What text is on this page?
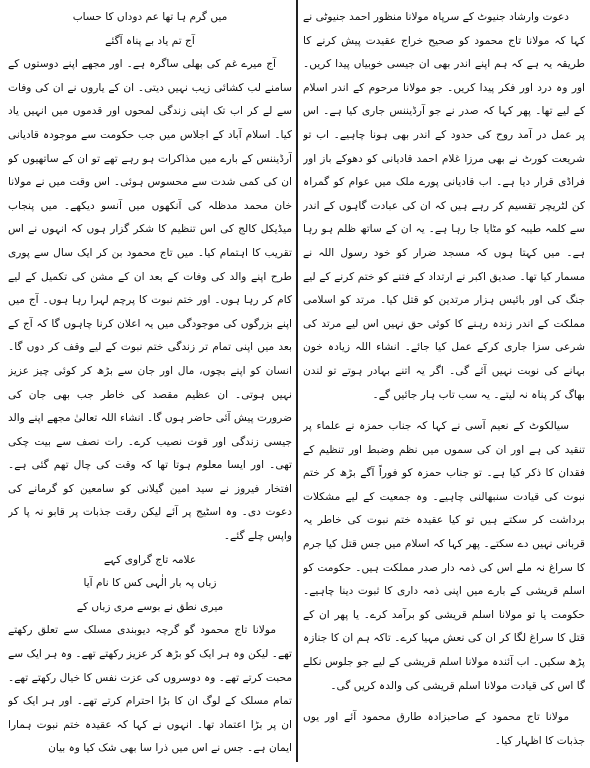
دعوت وارشاد جنیوٹ کے سرپاہ مولانا منظور احمد جنیوٹی نے کہا کہ مولانا تاج محمود کو صحیح خراج عقیدت پیش کرنے کا طریقہ یہ ہے کہ ہم اپنے اندر بھی ان جیسی خوبیاں پیدا کریں۔ اور وہ درد اور فکر پیدا کریں۔ جو مولانا مرحوم کے اندر اسلام کے لیے تھا۔ پھر کہا کہ صدر نے جو آرڈیننس جاری کیا ہے۔ اس پر عمل در آمد روح کی حدود کے اندر بھی ہونا چاہیے۔ اب تو شریعت کورٹ نے بھی مرزا غلام احمد قادیانی کو دھوکے باز اور فراڈی قرار دیا ہے۔ اب قادیانی پورے ملک میں عوام کو گمراہ کن لٹریچر تقسیم کر رہے ہیں کہ ان کی عبادت گاہوں کے اندر سے کلمہ طیبہ کو مٹایا جا رہا ہے۔ یہ ان کے ساتھ ظلم ہو رہا ہے۔ میں کہتا ہوں کہ مسجد ضرار کو خود رسول اللہ نے مسمار کیا تھا۔ صدیق اکبر نے ارتداد کے فتنے کو ختم کرنے کے لیے جنگ کی اور بائیس ہزار مرتدین کو قتل کیا۔ مرتد کو اسلامی مملکت کے اندر زندہ رہنے کا کوئی حق نہیں اس لیے مرتد کی شرعی سزا جاری کرکے عمل کیا جائے۔ انشاء اللہ زیادہ خون بہانے کی نوبت نہیں آئے گی۔ اگر یہ اتنے بہادر ہوتے تو لندن بھاگ کر پناہ نہ لیتے۔ یہ سب تاب ہار جائیں گے۔

سیالکوٹ کے نعیم آسی نے کہا کہ جناب حمزہ نے علماء پر تنقید کی ہے اور ان کی سموں میں نظم وضبط اور تنظیم کے فقدان کا ذکر کیا ہے۔ تو جناب حمزہ کو فوراً آگے بڑھ کر ختم نبوت کی قیادت سنبھالنی چاہیے۔ وہ جمعیت کے لیے مشکلات برداشت کر سکتے ہیں تو کیا عقیدہ ختم نبوت کی خاطر یہ قربانی نہیں دے سکتے۔ پھر کہا کہ اسلام میں جس قتل کیا جرم کا سراغ نہ ملے اس کی ذمہ دار صدر مملکت ہیں۔ حکومت کو اسلم قریشی کے بارے میں اپنی ذمہ داری کا ثبوت دینا چاہیے۔ حکومت یا تو مولانا اسلم قریشی کو برآمد کرے۔ یا پھر ان کے قتل کا سراغ لگا کر ان کی نعش مہیا کرے۔ تاکہ ہم ان کا جنازہ پڑھ سکیں۔ اب آئندہ مولانا اسلم قریشی کے لیے جو جلوس نکلے گا اس کی قیادت مولانا اسلم قریشی کی والدہ کریں گی۔

مولانا تاج محمود کے صاحبزادہ طارق محمود آئے اور یوں جذبات کا اظہار کیا۔

میں گرم ہا تھا عم دوداں کا حساب

آج تم یاد بے پناہ آگئے

آج میرے غم کی بھلی ساگرہ ہے۔ اور مجھے اپنے دوستوں کے سامنے لب کشائی زیب نہیں دیتی۔ ان کے یاروں نے ان کی وفات سے لے کر اب تک اپنی زندگی لمحوں اور قدموں میں انہیں یاد کیا۔ اسلام آباد کے اجلاس میں جب حکومت سے موجودہ قادیانی آرڈیننس کے بارے میں مذاکرات ہو رہے تھے تو ان کے ساتھیوں کو ان کی کمی شدت سے محسوس ہوئی۔ اس وقت میں نے مولانا خان محمد مدظلہ کی آنکھوں میں آنسو دیکھے۔ میں پنجاب میڈیکل کالج کی اس تنظیم کا شکر گزار ہوں کہ انہوں نے اس تقریب کا اہتمام کیا۔ میں تاج محمود بن کر ایک سال سے پوری طرح اپنے والد کی وفات کے بعد ان کے مشن کی تکمیل کے لیے کام کر رہا ہوں۔ اور ختم نبوت کا پرچم لہرا رہا ہوں۔ آج میں اپنے بزرگوں کی موجودگی میں یہ اعلان کرنا چاہوں گا کہ آج کے بعد میں اپنی تمام تر زندگی ختم نبوت کے لیے وقف کر دوں گا۔ انسان کو اپنے بچوں، مال اور جان سے بڑھ کر کوئی چیز عزیز نہیں ہوتی۔ ان عظیم مقصد کی خاطر جب بھی جان کی ضرورت پیش آئی حاضر ہوں گا۔ انشاء اللہ تعالیٰ مجھے اپنے والد جیسی زندگی اور قوت نصیب کرے۔ رات نصف سے بیت چکی تھی۔ اور ایسا معلوم ہوتا تھا کہ وقت کی چال تھم گئی ہے۔ افتخار فیروز نے سید امین گیلانی کو سامعین کو گرمانے کی دعوت دی۔ وہ اسٹیج پر آئے لیکن رقت جذبات پر قابو نہ پا کر واپس چلے گئے۔

علامہ تاج گراوی کہے

زباں پہ بار الٰہی کس کا نام آیا

میری نطق نے بوسے مری زباں کے

مولانا تاج محمود گو گرچہ دیوبندی مسلک سے تعلق رکھتے تھے۔ لیکن وہ ہر ایک کو بڑھ کر عزیز رکھتے تھے۔ وہ ہر ایک سے محبت کرتے تھے۔ وہ دوسروں کی عزت نفس کا خیال رکھتے تھے۔ تمام مسلک کے لوگ ان کا بڑا احترام کرتے تھے۔ اور ہر ایک کو ان پر بڑا اعتماد تھا۔ انہوں نے کہا کہ عقیدہ ختم نبوت ہمارا ایمان ہے۔ جس نے اس میں ذرا سا بھی شک کیا وہ بیان
